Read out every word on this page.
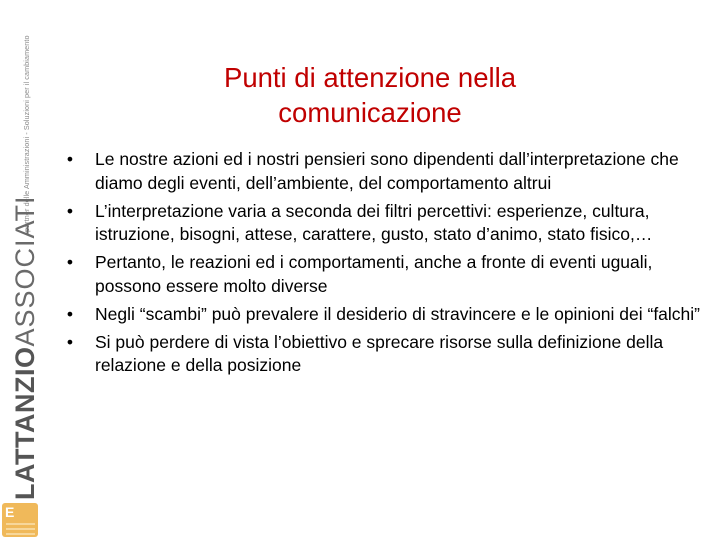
partner delle Amministrazioni - Soluzioni per il cambiamento
LATTANZIOASSOCIATI
E
Punti di attenzione nella
comunicazione
•	Le nostre azioni ed i nostri pensieri sono dipendenti dall’interpretazione che diamo degli eventi, dell’ambiente, del comportamento altrui
•	L’interpretazione varia a seconda dei filtri percettivi: esperienze, cultura, istruzione, bisogni, attese, carattere, gusto, stato d’animo, stato fisico,…
•	Pertanto, le reazioni ed i comportamenti, anche a fronte di eventi uguali, possono essere molto diverse
•	Negli “scambi” può prevalere il desiderio di stravincere e le opinioni dei “falchi”
•	Si può perdere di vista l’obiettivo e sprecare risorse sulla definizione della relazione e della posizione
